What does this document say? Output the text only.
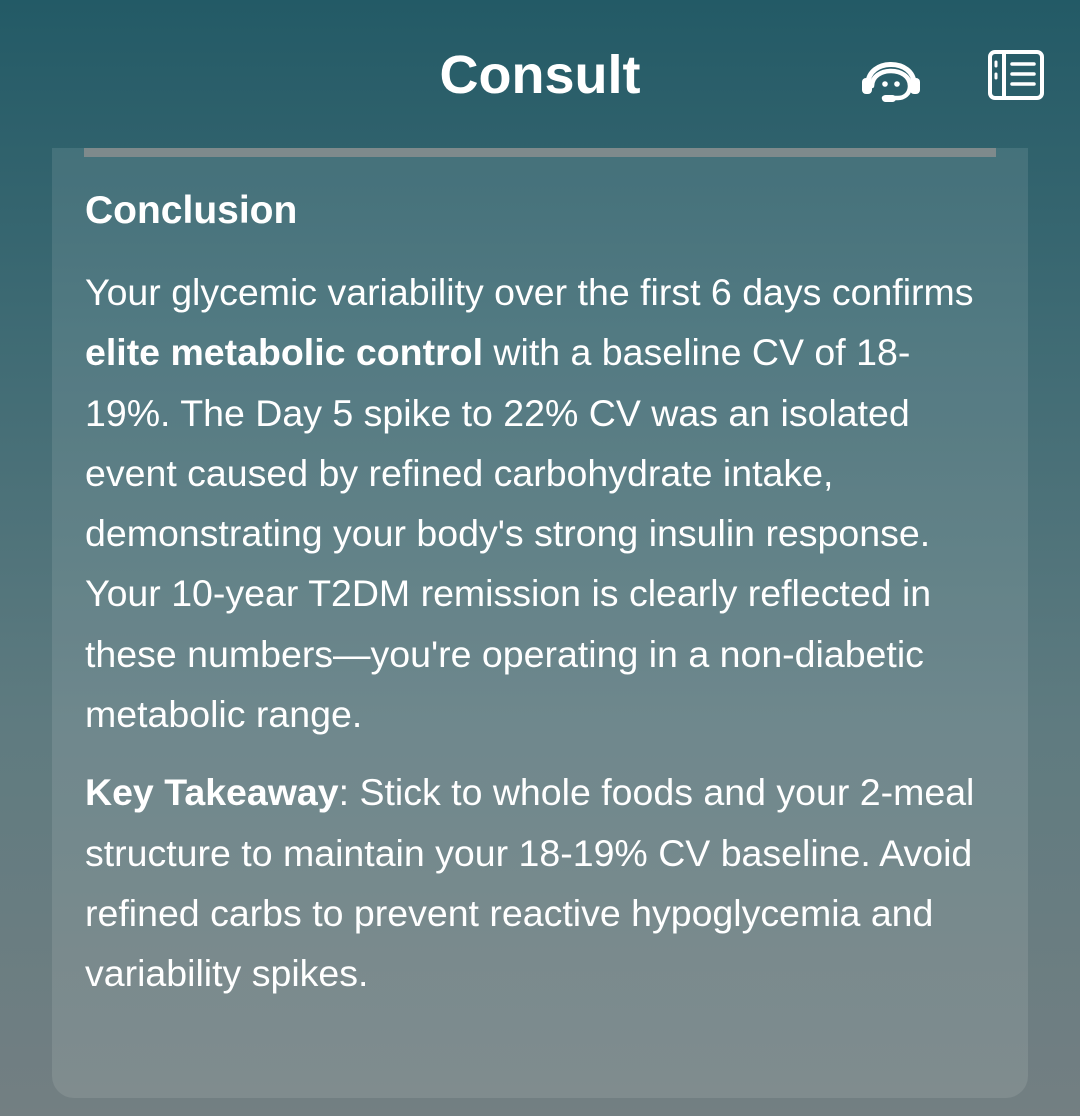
Consult
Conclusion

Your glycemic variability over the first 6 days confirms elite metabolic control with a baseline CV of 18-19%. The Day 5 spike to 22% CV was an isolated event caused by refined carbohydrate intake, demonstrating your body's strong insulin response. Your 10-year T2DM remission is clearly reflected in these numbers—you're operating in a non-diabetic metabolic range.

Key Takeaway: Stick to whole foods and your 2-meal structure to maintain your 18-19% CV baseline. Avoid refined carbs to prevent reactive hypoglycemia and variability spikes.
